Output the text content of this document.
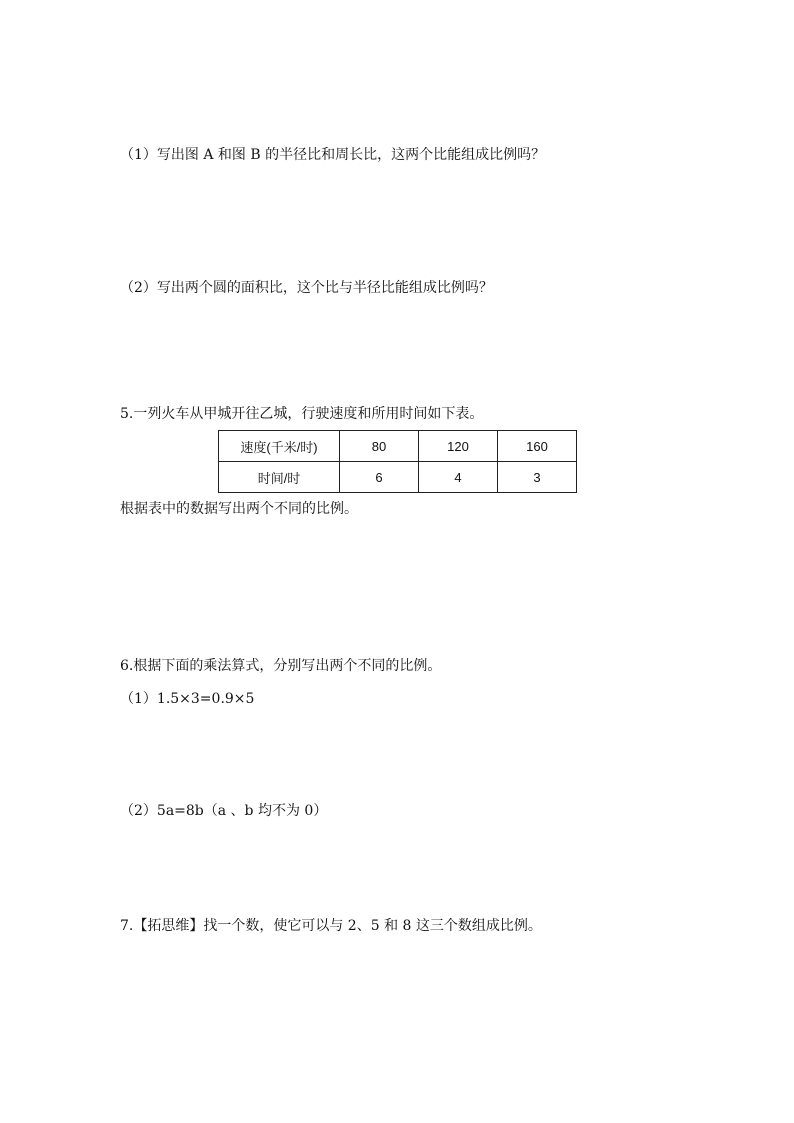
（1）写出图 A 和图 B 的半径比和周长比，这两个比能组成比例吗？
（2）写出两个圆的面积比，这个比与半径比能组成比例吗？
5.一列火车从甲城开往乙城，行驶速度和所用时间如下表。
速度(千米/时)	80	120	160
时间/时	6	4	3
根据表中的数据写出两个不同的比例。
6.根据下面的乘法算式，分别写出两个不同的比例。
（1）1.5×3=0.9×5
（2）5a=8b（a 、b 均不为 0）
7.【拓思维】找一个数，使它可以与 2、5 和 8 这三个数组成比例。
